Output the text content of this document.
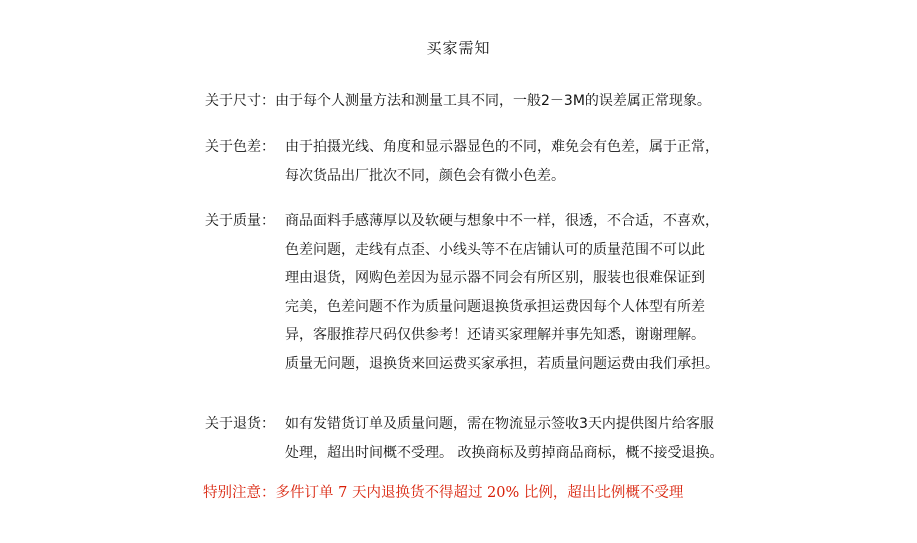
买家需知
关于尺寸：由于每个人测量方法和测量工具不同，一般2－3M的误差属正常现象。
关于色差： 由于拍摄光线、角度和显示器显色的不同，难免会有色差，属于正常，
每次货品出厂批次不同，颜色会有微小色差。
关于质量： 商品面料手感薄厚以及软硬与想象中不一样，很透，不合适，不喜欢，
色差问题，走线有点歪、小线头等不在店铺认可的质量范围不可以此
理由退货，网购色差因为显示器不同会有所区别，服装也很难保证到
完美，色差问题不作为质量问题退换货承担运费因每个人体型有所差
异，客服推荐尺码仅供参考！还请买家理解并事先知悉，谢谢理解。
质量无问题，退换货来回运费买家承担，若质量问题运费由我们承担。
关于退货： 如有发错货订单及质量问题，需在物流显示签收3天内提供图片给客服
处理，超出时间概不受理。 改换商标及剪掉商品商标，概不接受退换。
特别注意：多件订单 7 天内退换货不得超过 20% 比例，超出比例概不受理
